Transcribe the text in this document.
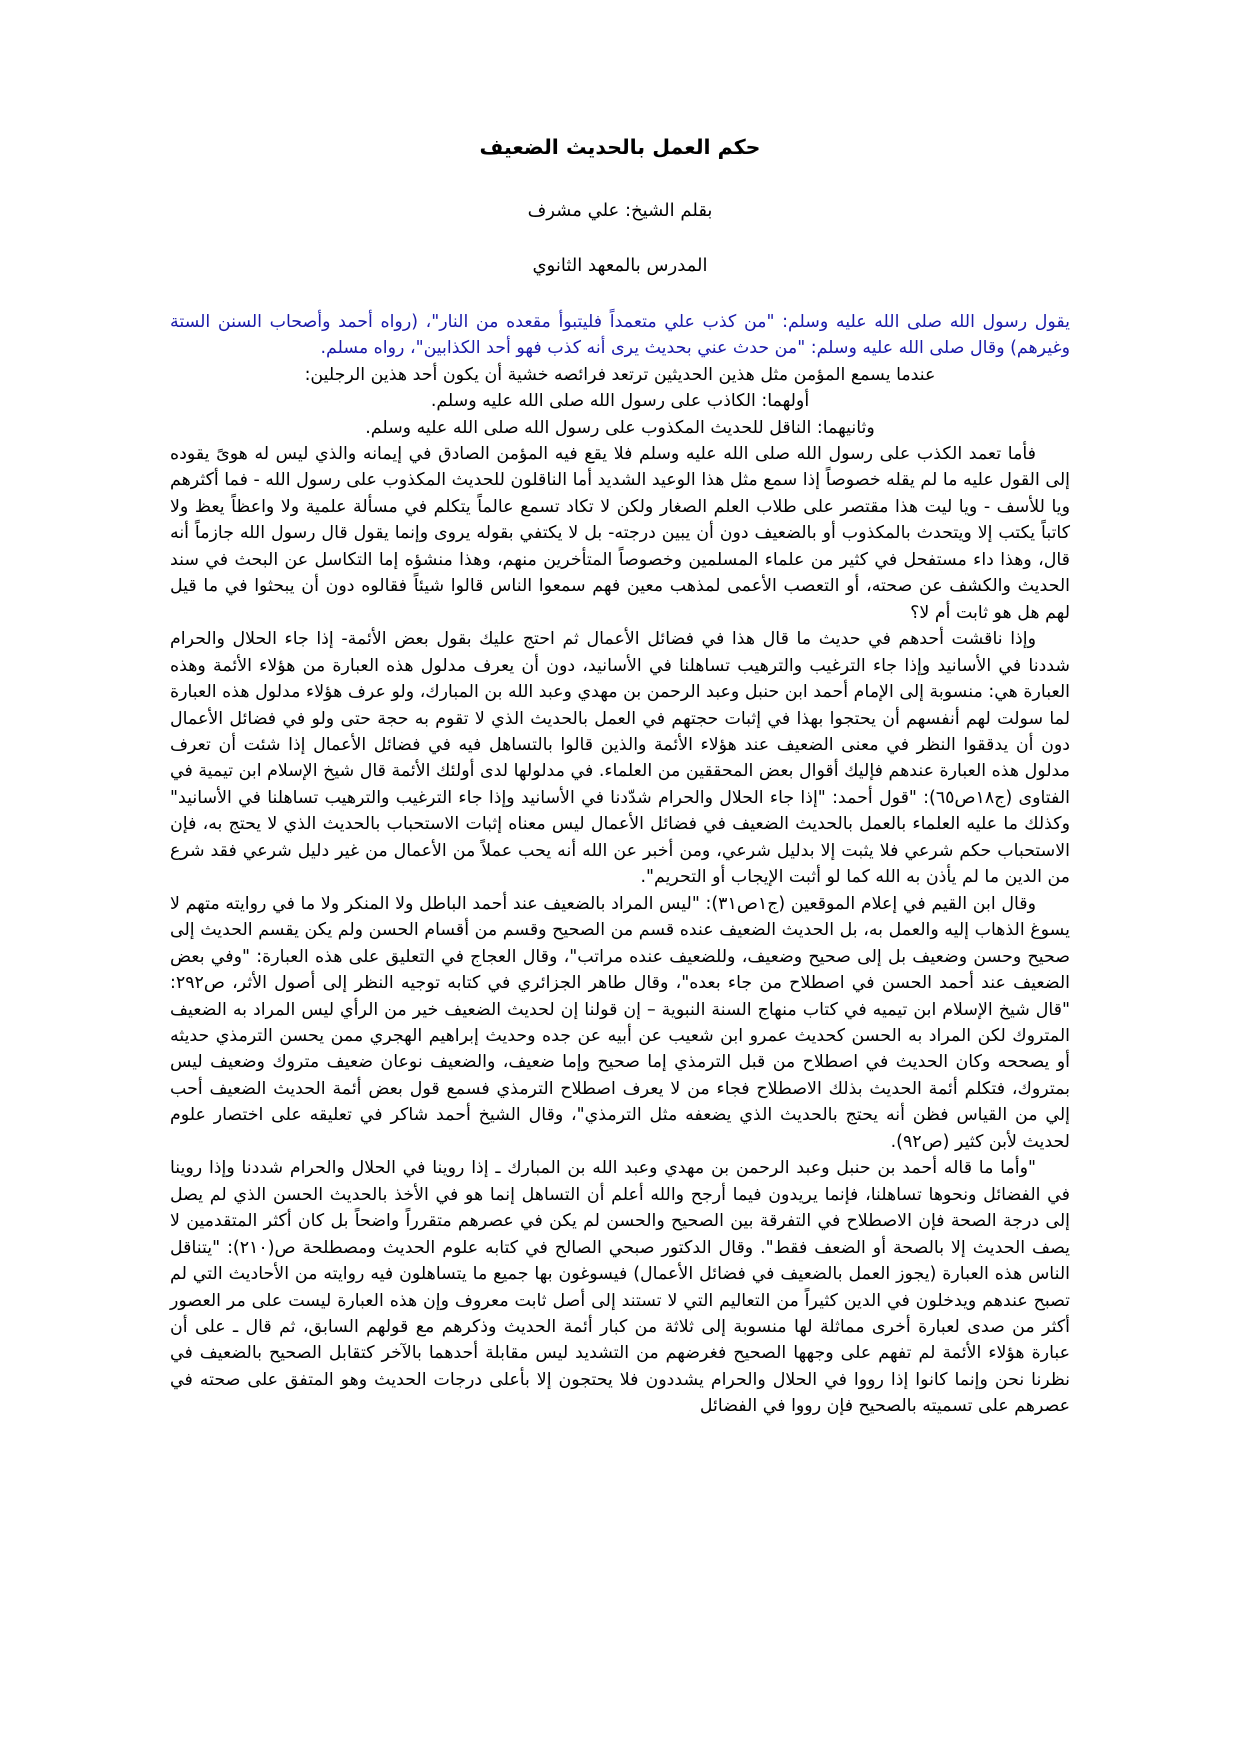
حكم العمل بالحديث الضعيف
بقلم الشيخ: علي مشرف
المدرس بالمعهد الثانوي

يقول رسول الله صلى الله عليه وسلم: "من كذب علي متعمداً فليتبوأ مقعده من النار"، (رواه أحمد وأصحاب السنن الستة وغيرهم) وقال صلى الله عليه وسلم: "من حدث عني بحديث يرى أنه كذب فهو أحد الكذابين"، رواه مسلم.

عندما يسمع المؤمن مثل هذين الحديثين ترتعد فرائصه خشية أن يكون أحد هذين الرجلين:

أولهما: الكاذب على رسول الله صلى الله عليه وسلم.

وثانيهما: الناقل للحديث المكذوب على رسول الله صلى الله عليه وسلم.

فأما تعمد الكذب على رسول الله صلى الله عليه وسلم فلا يقع فيه المؤمن الصادق في إيمانه والذي ليس له هوىً يقوده إلى القول عليه ما لم يقله خصوصاً إذا سمع مثل هذا الوعيد الشديد أما الناقلون للحديث المكذوب على رسول الله - فما أكثرهم ويا للأسف - ويا ليت هذا مقتصر على طلاب العلم الصغار ولكن لا تكاد تسمع عالماً يتكلم في مسألة علمية ولا واعظاً يعظ ولا كاتباً يكتب إلا ويتحدث بالمكذوب أو بالضعيف دون أن يبين درجته- بل لا يكتفي بقوله يروى وإنما يقول قال رسول الله جازماً أنه قال، وهذا داء مستفحل في كثير من علماء المسلمين وخصوصاً المتأخرين منهم، وهذا منشؤه إما التكاسل عن البحث في سند الحديث والكشف عن صحته، أو التعصب الأعمى لمذهب معين فهم سمعوا الناس قالوا شيئاً فقالوه دون أن يبحثوا في ما قيل لهم هل هو ثابت أم لا؟

وإذا ناقشت أحدهم في حديث ما قال هذا في فضائل الأعمال ثم احتج عليك بقول بعض الأئمة- إذا جاء الحلال والحرام شددنا في الأسانيد وإذا جاء الترغيب والترهيب تساهلنا في الأسانيد، دون أن يعرف مدلول هذه العبارة من هؤلاء الأئمة وهذه العبارة هي: منسوبة إلى الإمام أحمد ابن حنبل وعبد الرحمن بن مهدي وعبد الله بن المبارك، ولو عرف هؤلاء مدلول هذه العبارة لما سولت لهم أنفسهم أن يحتجوا بهذا في إثبات حجتهم في العمل بالحديث الذي لا تقوم به حجة حتى ولو في فضائل الأعمال دون أن يدققوا النظر في معنى الضعيف عند هؤلاء الأئمة والذين قالوا بالتساهل فيه في فضائل الأعمال إذا شئت أن تعرف مدلول هذه العبارة عندهم فإليك أقوال بعض المحققين من العلماء. في مدلولها لدى أولئك الأئمة قال شيخ الإسلام ابن تيمية في الفتاوى (ج١٨ص٦٥): "قول أحمد: "إذا جاء الحلال والحرام شدّدنا في الأسانيد وإذا جاء الترغيب والترهيب تساهلنا في الأسانيد" وكذلك ما عليه العلماء بالعمل بالحديث الضعيف في فضائل الأعمال ليس معناه إثبات الاستحباب بالحديث الذي لا يحتج به، فإن الاستحباب حكم شرعي فلا يثبت إلا بدليل شرعي، ومن أخبر عن الله أنه يحب عملاً من الأعمال من غير دليل شرعي فقد شرع من الدين ما لم يأذن به الله كما لو أثبت الإيجاب أو التحريم".

وقال ابن القيم في إعلام الموقعين (ج١ص٣١): "ليس المراد بالضعيف عند أحمد الباطل ولا المنكر ولا ما في روايته متهم لا يسوغ الذهاب إليه والعمل به، بل الحديث الضعيف عنده قسم من الصحيح وقسم من أقسام الحسن ولم يكن يقسم الحديث إلى صحيح وحسن وضعيف بل إلى صحيح وضعيف، وللضعيف عنده مراتب"، وقال العجاج في التعليق على هذه العبارة: "وفي بعض الضعيف عند أحمد الحسن في اصطلاح من جاء بعده"، وقال طاهر الجزائري في كتابه توجيه النظر إلى أصول الأثر، ص٢٩٢: "قال شيخ الإسلام ابن تيميه في كتاب منهاج السنة النبوية – إن قولنا إن لحديث الضعيف خير من الرأي ليس المراد به الضعيف المتروك لكن المراد به الحسن كحديث عمرو ابن شعيب عن أبيه عن جده وحديث إبراهيم الهجري ممن يحسن الترمذي حديثه أو يصححه وكان الحديث في اصطلاح من قبل الترمذي إما صحيح وإما ضعيف، والضعيف نوعان ضعيف متروك وضعيف ليس بمتروك، فتكلم أئمة الحديث بذلك الاصطلاح فجاء من لا يعرف اصطلاح الترمذي فسمع قول بعض أئمة الحديث الضعيف أحب إلي من القياس فظن أنه يحتج بالحديث الذي يضعفه مثل الترمذي"، وقال الشيخ أحمد شاكر في تعليقه على اختصار علوم لحديث لأبن كثير (ص٩٢).

"وأما ما قاله أحمد بن حنبل وعبد الرحمن بن مهدي وعبد الله بن المبارك ـ إذا روينا في الحلال والحرام شددنا وإذا روينا في الفضائل ونحوها تساهلنا، فإنما يريدون فيما أرجح والله أعلم أن التساهل إنما هو في الأخذ بالحديث الحسن الذي لم يصل إلى درجة الصحة فإن الاصطلاح في التفرقة بين الصحيح والحسن لم يكن في عصرهم متقرراً واضحاً بل كان أكثر المتقدمين لا يصف الحديث إلا بالصحة أو الضعف فقط". وقال الدكتور صبحي الصالح في كتابه علوم الحديث ومصطلحة ص(٢١٠): "يتناقل الناس هذه العبارة (يجوز العمل بالضعيف في فضائل الأعمال) فيسوغون بها جميع ما يتساهلون فيه روايته من الأحاديث التي لم تصبح عندهم ويدخلون في الدين كثيراً من التعاليم التي لا تستند إلى أصل ثابت معروف وإن هذه العبارة ليست على مر العصور أكثر من صدى لعبارة أخرى مماثلة لها منسوبة إلى ثلاثة من كبار أئمة الحديث وذكرهم مع قولهم السابق، ثم قال ـ على أن عبارة هؤلاء الأئمة لم تفهم على وجهها الصحيح فغرضهم من التشديد ليس مقابلة أحدهما بالآخر كتقابل الصحيح بالضعيف في نظرنا نحن وإنما كانوا إذا رووا في الحلال والحرام يشددون فلا يحتجون إلا بأعلى درجات الحديث وهو المتفق على صحته في عصرهم على تسميته بالصحيح فإن رووا في الفضائل
